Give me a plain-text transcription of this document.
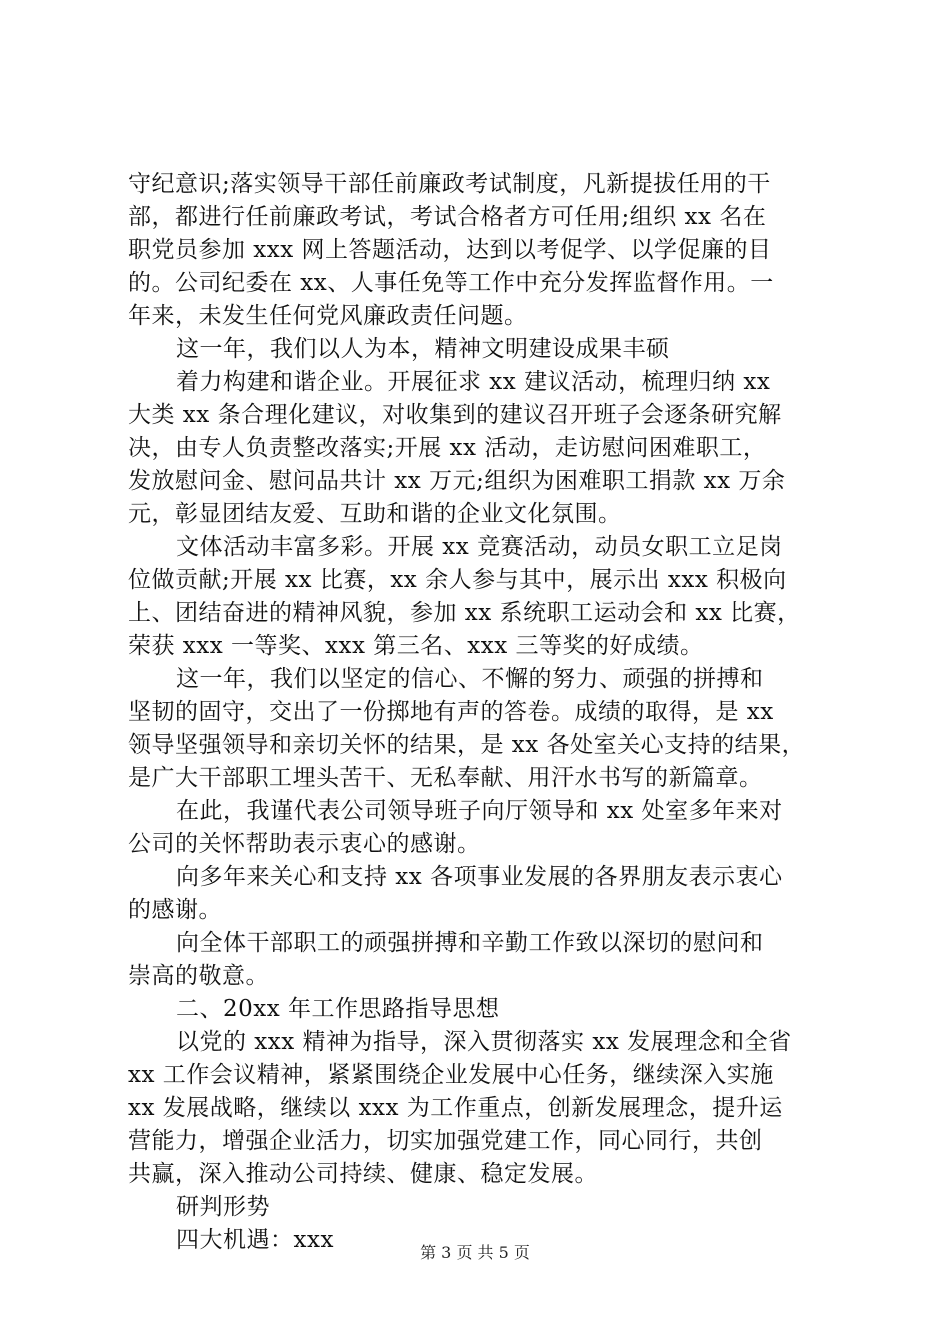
守纪意识;落实领导干部任前廉政考试制度，凡新提拔任用的干
部，都进行任前廉政考试，考试合格者方可任用;组织 xx 名在
职党员参加 xxx 网上答题活动，达到以考促学、以学促廉的目
的。公司纪委在 xx、人事任免等工作中充分发挥监督作用。一
年来，未发生任何党风廉政责任问题。
这一年，我们以人为本，精神文明建设成果丰硕
着力构建和谐企业。开展征求 xx 建议活动，梳理归纳 xx
大类 xx 条合理化建议，对收集到的建议召开班子会逐条研究解
决，由专人负责整改落实;开展 xx 活动，走访慰问困难职工，
发放慰问金、慰问品共计 xx 万元;组织为困难职工捐款 xx 万余
元，彰显团结友爱、互助和谐的企业文化氛围。
文体活动丰富多彩。开展 xx 竞赛活动，动员女职工立足岗
位做贡献;开展 xx 比赛，xx 余人参与其中，展示出 xxx 积极向
上、团结奋进的精神风貌，参加 xx 系统职工运动会和 xx 比赛，
荣获 xxx 一等奖、xxx 第三名、xxx 三等奖的好成绩。
这一年，我们以坚定的信心、不懈的努力、顽强的拼搏和
坚韧的固守，交出了一份掷地有声的答卷。成绩的取得，是 xx
领导坚强领导和亲切关怀的结果，是 xx 各处室关心支持的结果，
是广大干部职工埋头苦干、无私奉献、用汗水书写的新篇章。
在此，我谨代表公司领导班子向厅领导和 xx 处室多年来对
公司的关怀帮助表示衷心的感谢。
向多年来关心和支持 xx 各项事业发展的各界朋友表示衷心
的感谢。
向全体干部职工的顽强拼搏和辛勤工作致以深切的慰问和
崇高的敬意。
二、20xx 年工作思路指导思想
以党的 xxx 精神为指导，深入贯彻落实 xx 发展理念和全省
xx 工作会议精神，紧紧围绕企业发展中心任务，继续深入实施
xx 发展战略，继续以 xxx 为工作重点，创新发展理念，提升运
营能力，增强企业活力，切实加强党建工作，同心同行，共创
共赢，深入推动公司持续、健康、稳定发展。
研判形势
四大机遇：xxx	第 3 页 共 5 页
